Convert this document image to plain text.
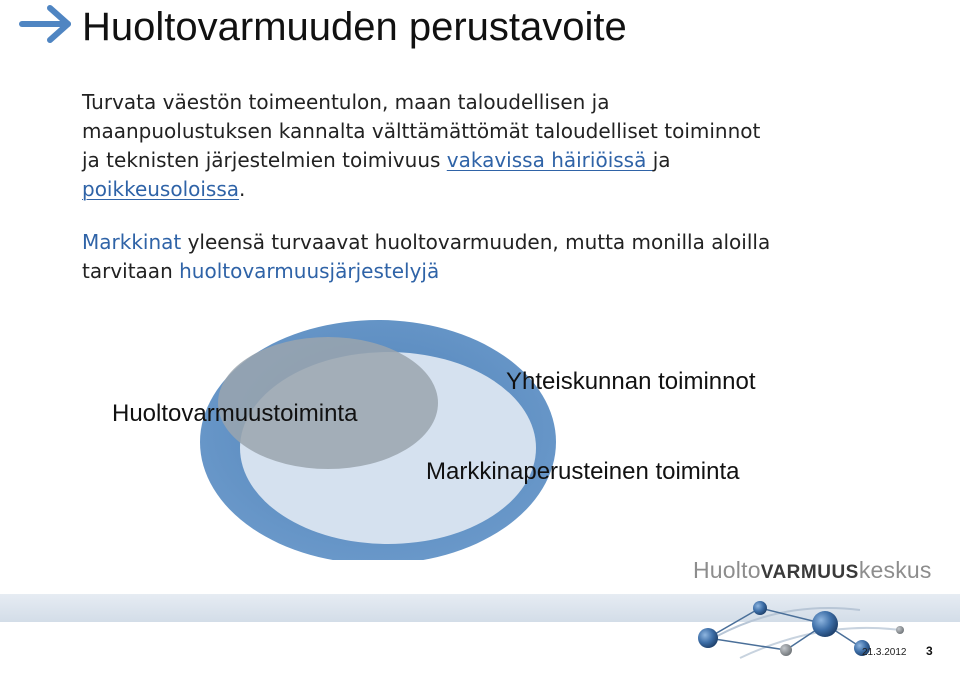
Huoltovarmuuden perustavoite
Turvata väestön toimeentulon, maan taloudellisen ja maanpuolustuksen kannalta välttämättömät taloudelliset toiminnot ja teknisten järjestelmien toimivuus vakavissa häiriöissä ja poikkeusoloissa.
Markkinat yleensä turvaavat huoltovarmuuden, mutta monilla aloilla tarvitaan huoltovarmuusjärjestelyjä
Huoltovarmuustoiminta
Yhteiskunnan toiminnot
Markkinaperusteinen toiminta
HuoltoVARMUUSkeskus
21.3.2012 3
